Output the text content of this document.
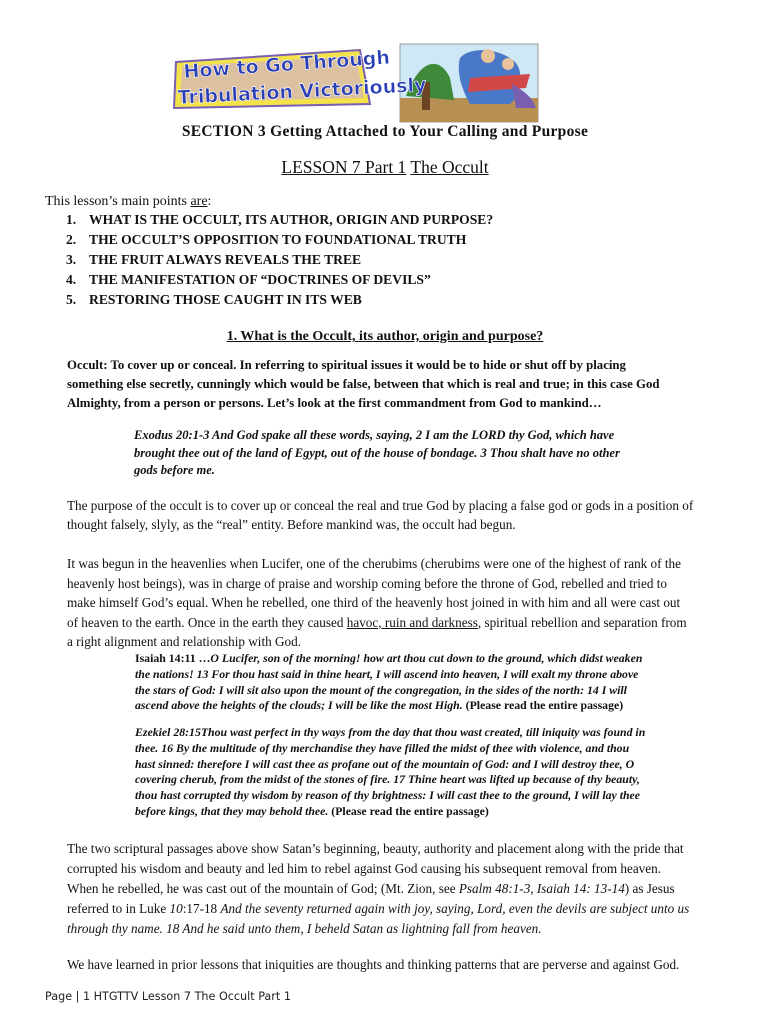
How to Go Through
Tribulation Victoriously
SECTION 3 Getting Attached to Your Calling and Purpose
LESSON 7 Part 1 The Occult
This lesson’s main points are:
1. WHAT IS THE OCCULT, ITS AUTHOR, ORIGIN AND PURPOSE?
2. THE OCCULT’S OPPOSITION TO FOUNDATIONAL TRUTH
3. THE FRUIT ALWAYS REVEALS THE TREE
4. THE MANIFESTATION OF “DOCTRINES OF DEVILS”
5. RESTORING THOSE CAUGHT IN ITS WEB
1. What is the Occult, its author, origin and purpose?
Occult: To cover up or conceal. In referring to spiritual issues it would be to hide or shut off by placing
something else secretly, cunningly which would be false, between that which is real and true; in this case God
Almighty, from a person or persons. Let’s look at the first commandment from God to mankind…
Exodus 20:1-3 And God spake all these words, saying, 2 I am the LORD thy God, which have
brought thee out of the land of Egypt, out of the house of bondage. 3 Thou shalt have no other
gods before me.
The purpose of the occult is to cover up or conceal the real and true God by placing a false god or gods in a position of
thought falsely, slyly, as the “real” entity. Before mankind was, the occult had begun.
It was begun in the heavenlies when Lucifer, one of the cherubims (cherubims were one of the highest of rank of the
heavenly host beings), was in charge of praise and worship coming before the throne of God, rebelled and tried to
make himself God’s equal. When he rebelled, one third of the heavenly host joined in with him and all were cast out
of heaven to the earth. Once in the earth they caused havoc, ruin and darkness, spiritual rebellion and separation from
a right alignment and relationship with God.
Isaiah 14:11 …O Lucifer, son of the morning! how art thou cut down to the ground, which didst weaken
the nations! 13 For thou hast said in thine heart, I will ascend into heaven, I will exalt my throne above
the stars of God: I will sit also upon the mount of the congregation, in the sides of the north: 14 I will
ascend above the heights of the clouds; I will be like the most High. (Please read the entire passage)
Ezekiel 28:15Thou wast perfect in thy ways from the day that thou wast created, till iniquity was found in
thee. 16 By the multitude of thy merchandise they have filled the midst of thee with violence, and thou
hast sinned: therefore I will cast thee as profane out of the mountain of God: and I will destroy thee, O
covering cherub, from the midst of the stones of fire. 17 Thine heart was lifted up because of thy beauty,
thou hast corrupted thy wisdom by reason of thy brightness: I will cast thee to the ground, I will lay thee
before kings, that they may behold thee. (Please read the entire passage)
The two scriptural passages above show Satan’s beginning, beauty, authority and placement along with the pride that
corrupted his wisdom and beauty and led him to rebel against God causing his subsequent removal from heaven.
When he rebelled, he was cast out of the mountain of God; (Mt. Zion, see Psalm 48:1-3, Isaiah 14: 13-14) as Jesus
referred to in Luke 10:17-18 And the seventy returned again with joy, saying, Lord, even the devils are subject unto us
through thy name. 18 And he said unto them, I beheld Satan as lightning fall from heaven.
We have learned in prior lessons that iniquities are thoughts and thinking patterns that are perverse and against God.
Page | 1 HTGTTV Lesson 7 The Occult Part 1
